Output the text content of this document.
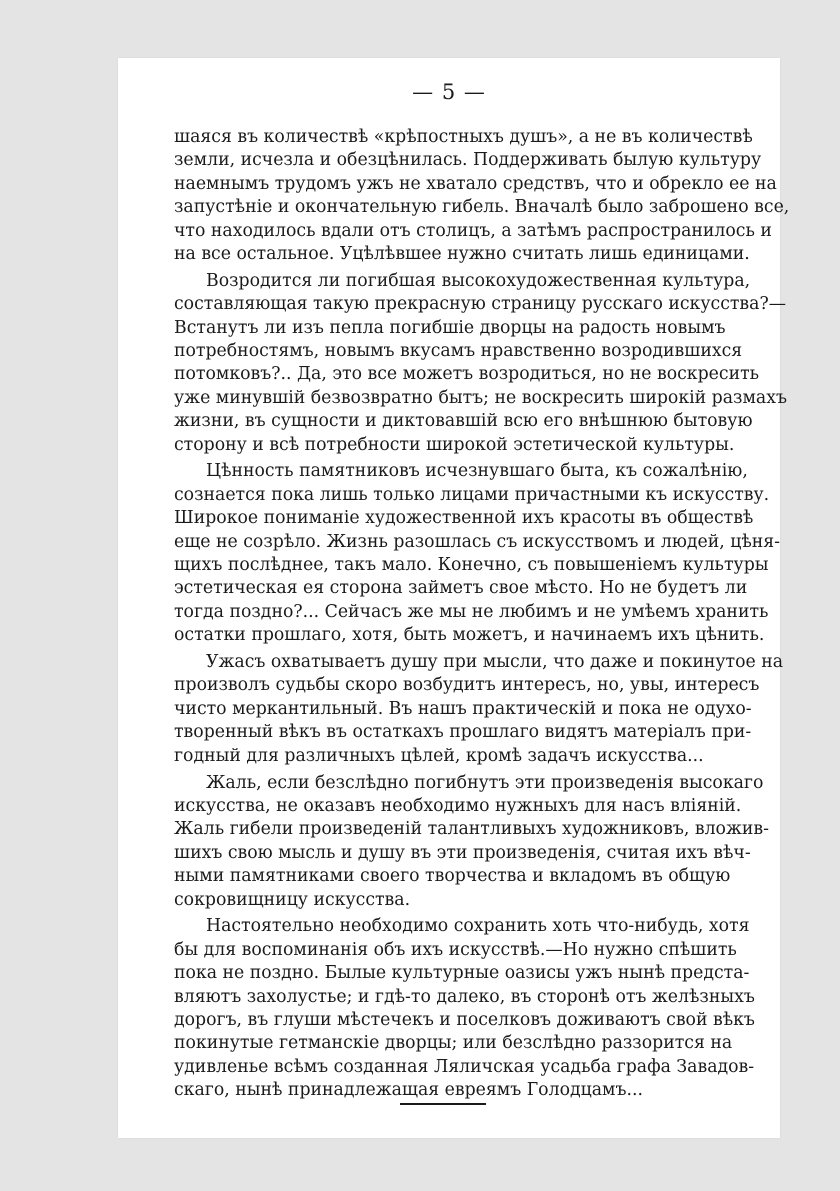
— 5 —
шаяся въ количествѣ «крѣпостныхъ душъ», а не въ количествѣ
земли, исчезла и обезцѣнилась. Поддерживать былую культуру
наемнымъ трудомъ ужъ не хватало средствъ, что и обрекло ее на
запустѣніе и окончательную гибель. Вначалѣ было заброшено все,
что находилось вдали отъ столицъ, а затѣмъ распространилось и
на все остальное. Уцѣлѣвшее нужно считать лишь единицами.
Возродится ли погибшая высокохудожественная культура,
составляющая такую прекрасную страницу русскаго искусства?—
Встанутъ ли изъ пепла погибшіе дворцы на радость новымъ
потребностямъ, новымъ вкусамъ нравственно возродившихся
потомковъ?.. Да, это все можетъ возродиться, но не воскресить
уже минувшій безвозвратно бытъ; не воскресить широкій размахъ
жизни, въ сущности и диктовавшій всю его внѣшнюю бытовую
сторону и всѣ потребности широкой эстетической культуры.
Цѣнность памятниковъ исчезнувшаго быта, къ сожалѣнію,
сознается пока лишь только лицами причастными къ искусству.
Широкое пониманіе художественной ихъ красоты въ обществѣ
еще не созрѣло. Жизнь разошлась съ искусствомъ и людей, цѣня-
щихъ послѣднее, такъ мало. Конечно, съ повышеніемъ культуры
эстетическая ея сторона займетъ свое мѣсто. Но не будетъ ли
тогда поздно?... Сейчасъ же мы не любимъ и не умѣемъ хранить
остатки прошлаго, хотя, быть можетъ, и начинаемъ ихъ цѣнить.
Ужасъ охватываетъ душу при мысли, что даже и покинутое на
произволъ судьбы скоро возбудитъ интересъ, но, увы, интересъ
чисто меркантильный. Въ нашъ практическій и пока не одухо-
творенный вѣкъ въ остаткахъ прошлаго видятъ матеріалъ при-
годный для различныхъ цѣлей, кромѣ задачъ искусства...
Жаль, если безслѣдно погибнутъ эти произведенія высокаго
искусства, не оказавъ необходимо нужныхъ для насъ вліяній.
Жаль гибели произведеній талантливыхъ художниковъ, вложив-
шихъ свою мысль и душу въ эти произведенія, считая ихъ вѣч-
ными памятниками своего творчества и вкладомъ въ общую
сокровищницу искусства.
Настоятельно необходимо сохранить хоть что-нибудь, хотя
бы для воспоминанія объ ихъ искусствѣ.—Но нужно спѣшить
пока не поздно. Былые культурные оазисы ужъ нынѣ предста-
вляютъ захолустье; и гдѣ-то далеко, въ сторонѣ отъ желѣзныхъ
дорогъ, въ глуши мѣстечекъ и поселковъ доживаютъ свой вѣкъ
покинутые гетманскіе дворцы; или безслѣдно раззорится на
удивленье всѣмъ созданная Ляличская усадьба графа Завадов-
скаго, нынѣ принадлежащая евреямъ Голодцамъ...
